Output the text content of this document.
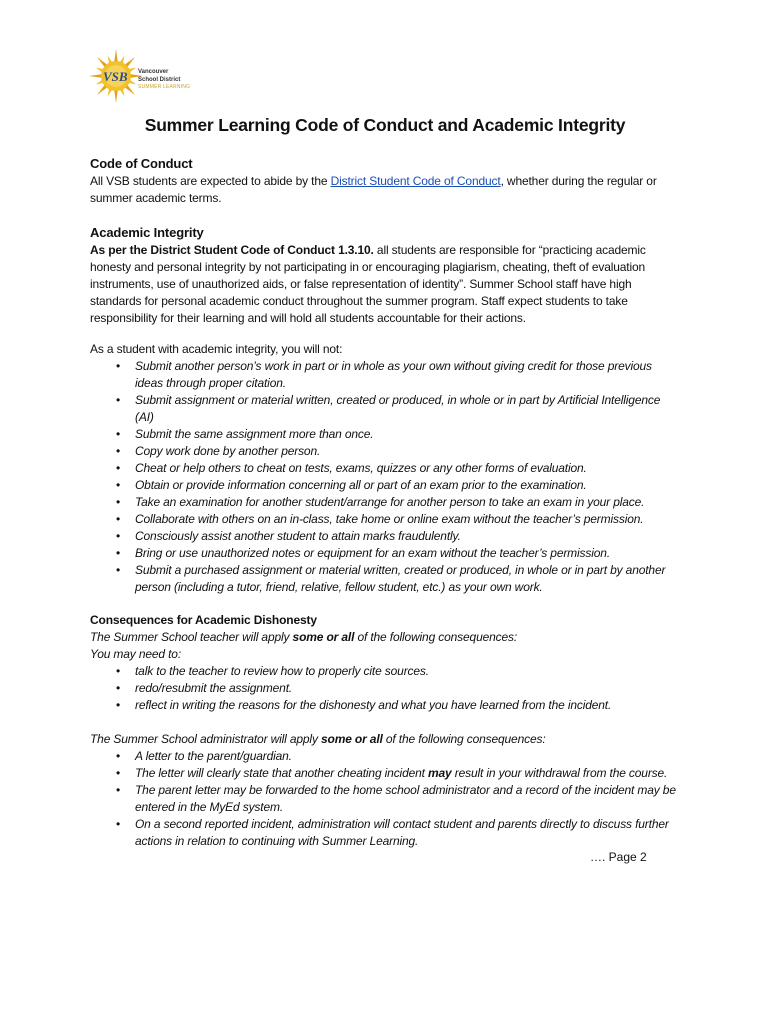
VSB Vancouver
School District
SUMMER LEARNING
Summer Learning Code of Conduct and Academic Integrity
Code of Conduct

All VSB students are expected to abide by the District Student Code of Conduct, whether during the regular or summer academic terms.

Academic Integrity

As per the District Student Code of Conduct 1.3.10. all students are responsible for “practicing academic honesty and personal integrity by not participating in or encouraging plagiarism, cheating, theft of evaluation instruments, use of unauthorized aids, or false representation of identity”. Summer School staff have high standards for personal academic conduct throughout the summer program. Staff expect students to take responsibility for their learning and will hold all students accountable for their actions.

As a student with academic integrity, you will not:

• Submit another person’s work in part or in whole as your own without giving credit for those previous ideas through proper citation.
• Submit assignment or material written, created or produced, in whole or in part by Artificial Intelligence (AI)
• Submit the same assignment more than once.
• Copy work done by another person.
• Cheat or help others to cheat on tests, exams, quizzes or any other forms of evaluation.
• Obtain or provide information concerning all or part of an exam prior to the examination.
• Take an examination for another student/arrange for another person to take an exam in your place.
• Collaborate with others on an in-class, take home or online exam without the teacher’s permission.
• Consciously assist another student to attain marks fraudulently.
• Bring or use unauthorized notes or equipment for an exam without the teacher’s permission.
• Submit a purchased assignment or material written, created or produced, in whole or in part by another person (including a tutor, friend, relative, fellow student, etc.) as your own work.
Consequences for Academic Dishonesty

The Summer School teacher will apply some or all of the following consequences:

You may need to:

• talk to the teacher to review how to properly cite sources.
• redo/resubmit the assignment.
• reflect in writing the reasons for the dishonesty and what you have learned from the incident.

The Summer School administrator will apply some or all of the following consequences:

• A letter to the parent/guardian.
• The letter will clearly state that another cheating incident may result in your withdrawal from the course.
• The parent letter may be forwarded to the home school administrator and a record of the incident may be entered in the MyEd system.
• On a second reported incident, administration will contact student and parents directly to discuss further actions in relation to continuing with Summer Learning.
…. Page 2
